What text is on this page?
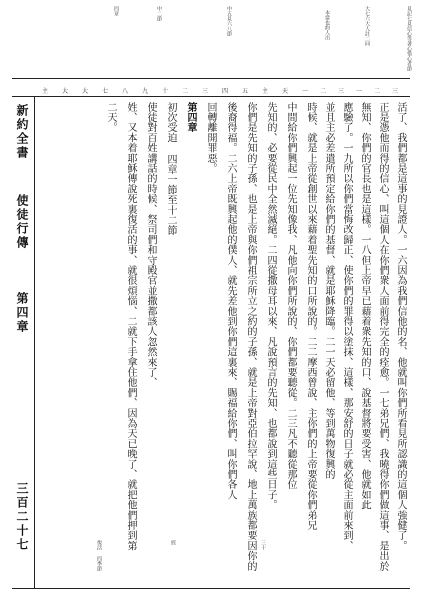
見記七見信心等著心惜心者節
大七六大人註二同
本當也約人出
中五見六八節
中二節
四章
三
二
一
三
二
一
天
主
五
四
三
二
十
九
八
七
大
大
主
新約全書
使徒行傳
第四章
三百二十七	活了、我們都是這事的見證人。一六因為我們信他的名、他就叫你們所看見所認識的這個人強健了。
正是憑他而得的信心、叫這個人在你們衆人面前得完全的痊愈。一七弟兄們、我曉得你們做這事、是出於
無知、你們的官長也是這樣。一八但上帝早已藉着衆先知的口、說基督將要受害、他就如此
應驗了。一九所以你們當悔改歸正、使你們的罪得以塗抹、這樣、那安舒的日子就必從主面前來到、
並且主必差遣所預定給你們的基督、就是耶穌降臨。二一天必留他、等到萬物復興的
時候、就是上帝從創世以來藉着聖先知的口所說的。二二摩西曾說、主你們的上帝要從你們弟兄
中間給你們興起一位先知像我、凡他向你們所說的、你們都要聽從。二三凡不聽從那位
先知的、必要從民中全然滅絕。二四從撒母耳以來、凡說預言的先知、也都說到這些日子。
你們是先知的子孫、也是上帝與你們祖宗所立之約的子孫、就是上帝對亞伯拉罕說、地上萬族都要因你的
後裔得福。二六上帝既興起他的僕人、就先差他到你們這裏來、賜福給你們、叫你們各人
回轉離開罪惡。
第四章
初次受迫 四章一節至十二節
使徒對百姓講話的時候、祭司們和守殿官並撒都該人忽然來了、
姓、又本着耶穌傳說死裏復活的事、就很煩惱、二就下手拿住他們、因為天已晚了、就把他們押到第
二天。
復活 四季節	經	三十
